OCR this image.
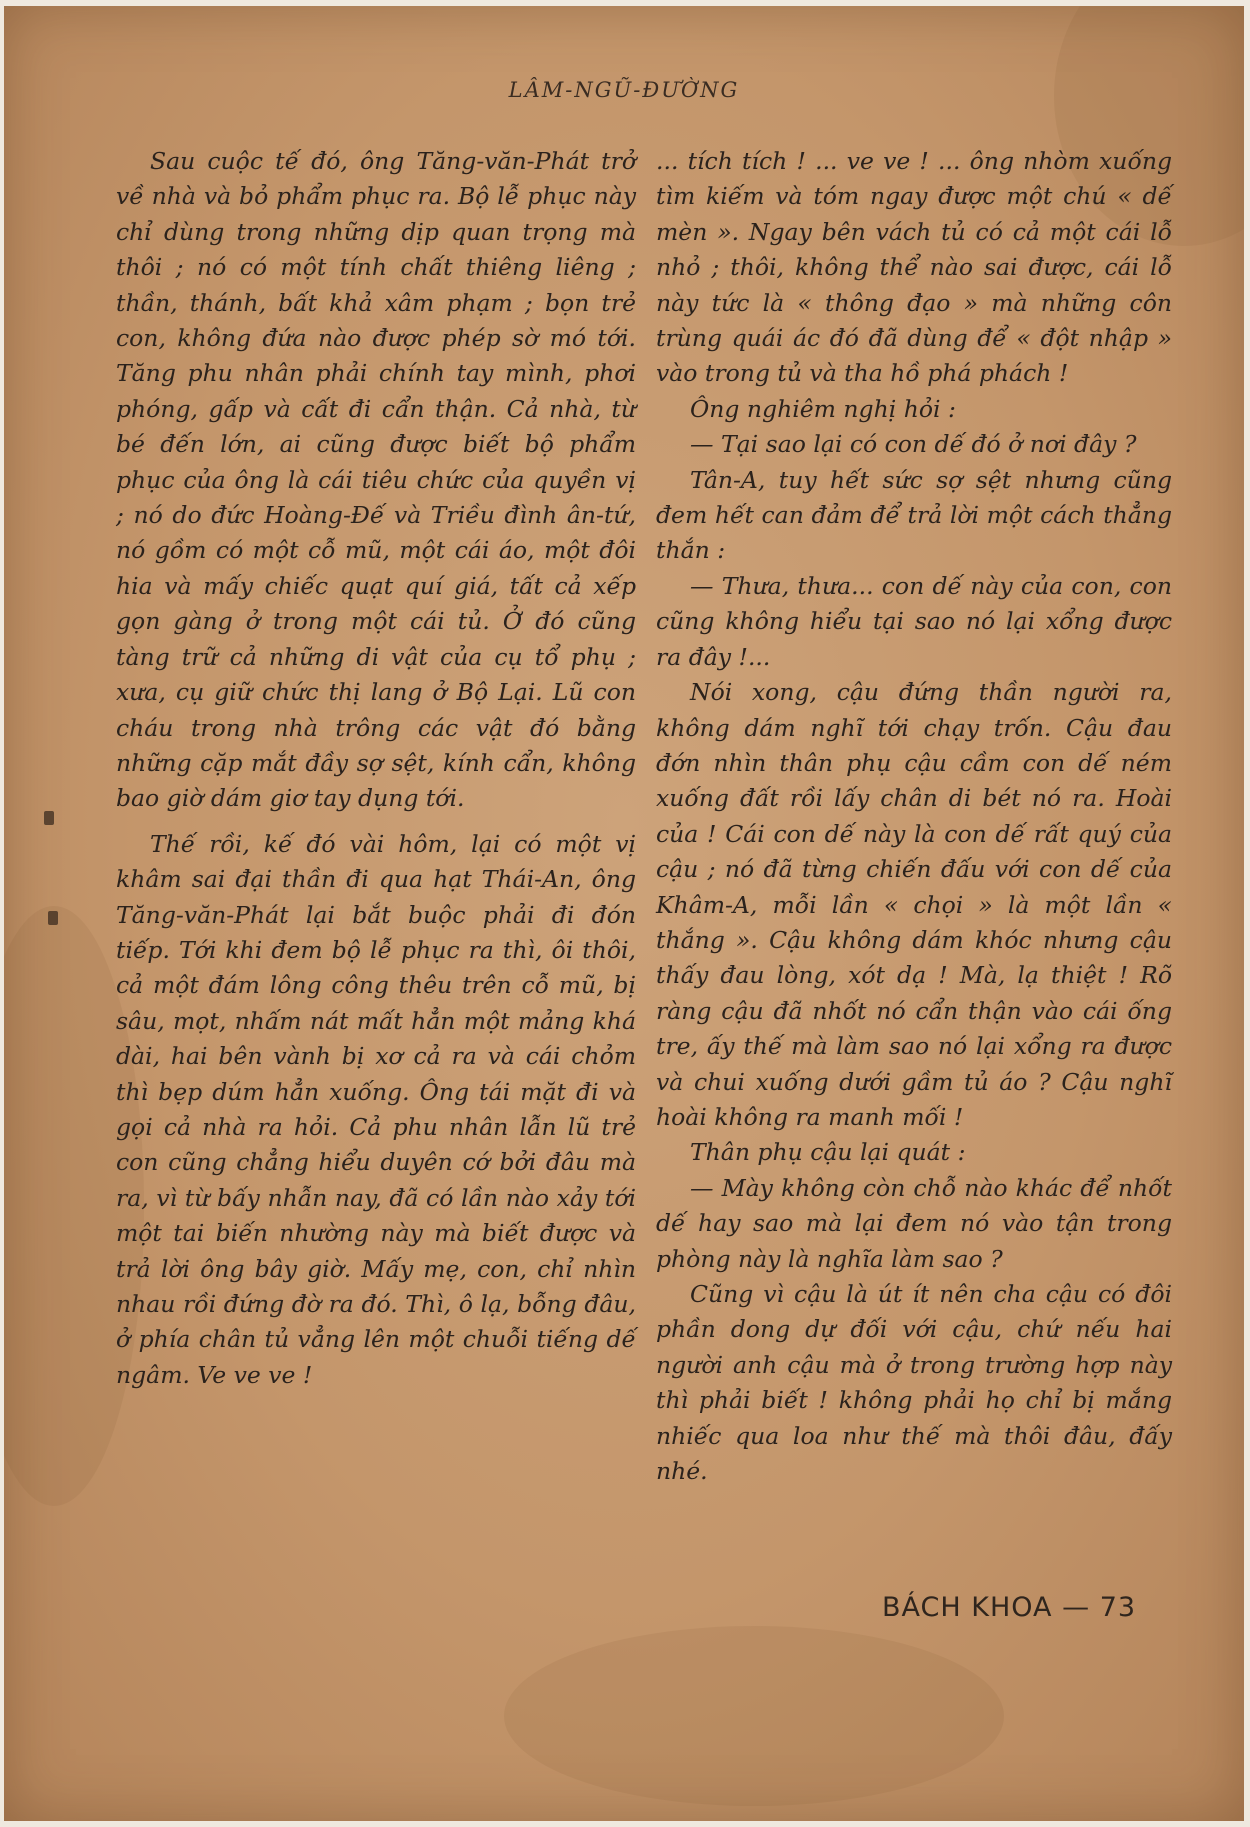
LÂM-NGŨ-ĐƯỜNG

Sau cuộc tế đó, ông Tăng-văn-Phát trở về nhà và bỏ phẩm phục ra. Bộ lễ phục này chỉ dùng trong những dịp quan trọng mà thôi ; nó có một tính chất thiêng liêng ; thần, thánh, bất khả xâm phạm ; bọn trẻ con, không đứa nào được phép sờ mó tới. Tăng phu nhân phải chính tay mình, phơi phóng, gấp và cất đi cẩn thận. Cả nhà, từ bé đến lớn, ai cũng được biết bộ phẩm phục của ông là cái tiêu chức của quyền vị ; nó do đức Hoàng-Đế và Triều đình ân-tứ, nó gồm có một cỗ mũ, một cái áo, một đôi hia và mấy chiếc quạt quí giá, tất cả xếp gọn gàng ở trong một cái tủ. Ở đó cũng tàng trữ cả những di vật của cụ tổ phụ ; xưa, cụ giữ chức thị lang ở Bộ Lại. Lũ con cháu trong nhà trông các vật đó bằng những cặp mắt đầy sợ sệt, kính cẩn, không bao giờ dám giơ tay dụng tới.

Thế rồi, kế đó vài hôm, lại có một vị khâm sai đại thần đi qua hạt Thái-An, ông Tăng-văn-Phát lại bắt buộc phải đi đón tiếp. Tới khi đem bộ lễ phục ra thì, ôi thôi, cả một đám lông công thêu trên cỗ mũ, bị sâu, mọt, nhấm nát mất hẳn một mảng khá dài, hai bên vành bị xơ cả ra và cái chỏm thì bẹp dúm hẳn xuống. Ông tái mặt đi và gọi cả nhà ra hỏi. Cả phu nhân lẫn lũ trẻ con cũng chẳng hiểu duyên cớ bởi đâu mà ra, vì từ bấy nhẫn nay, đã có lần nào xảy tới một tai biến nhường này mà biết được và trả lời ông bây giờ. Mấy mẹ, con, chỉ nhìn nhau rồi đứng đờ ra đó. Thì, ô lạ, bỗng đâu, ở phía chân tủ vẳng lên một chuỗi tiếng dế ngâm. Ve ve ve !

... tích tích ! ... ve ve ! ... ông nhòm xuống tìm kiếm và tóm ngay được một chú « dế mèn ». Ngay bên vách tủ có cả một cái lỗ nhỏ ; thôi, không thể nào sai được, cái lỗ này tức là « thông đạo » mà những côn trùng quái ác đó đã dùng để « đột nhập » vào trong tủ và tha hồ phá phách !

Ông nghiêm nghị hỏi :

— Tại sao lại có con dế đó ở nơi đây ?

Tân-A, tuy hết sức sợ sệt nhưng cũng đem hết can đảm để trả lời một cách thẳng thắn :

— Thưa, thưa... con dế này của con, con cũng không hiểu tại sao nó lại xổng được ra đây !...

Nói xong, cậu đứng thần người ra, không dám nghĩ tới chạy trốn. Cậu đau đớn nhìn thân phụ cậu cầm con dế ném xuống đất rồi lấy chân di bét nó ra. Hoài của ! Cái con dế này là con dế rất quý của cậu ; nó đã từng chiến đấu với con dế của Khâm-A, mỗi lần « chọi » là một lần « thắng ». Cậu không dám khóc nhưng cậu thấy đau lòng, xót dạ ! Mà, lạ thiệt ! Rõ ràng cậu đã nhốt nó cẩn thận vào cái ống tre, ấy thế mà làm sao nó lại xổng ra được và chui xuống dưới gầm tủ áo ? Cậu nghĩ hoài không ra manh mối !

Thân phụ cậu lại quát :

— Mày không còn chỗ nào khác để nhốt dế hay sao mà lại đem nó vào tận trong phòng này là nghĩa làm sao ?

Cũng vì cậu là út ít nên cha cậu có đôi phần dong dự đối với cậu, chứ nếu hai người anh cậu mà ở trong trường hợp này thì phải biết ! không phải họ chỉ bị mắng nhiếc qua loa như thế mà thôi đâu, đấy nhé.

BÁCH KHOA — 73
